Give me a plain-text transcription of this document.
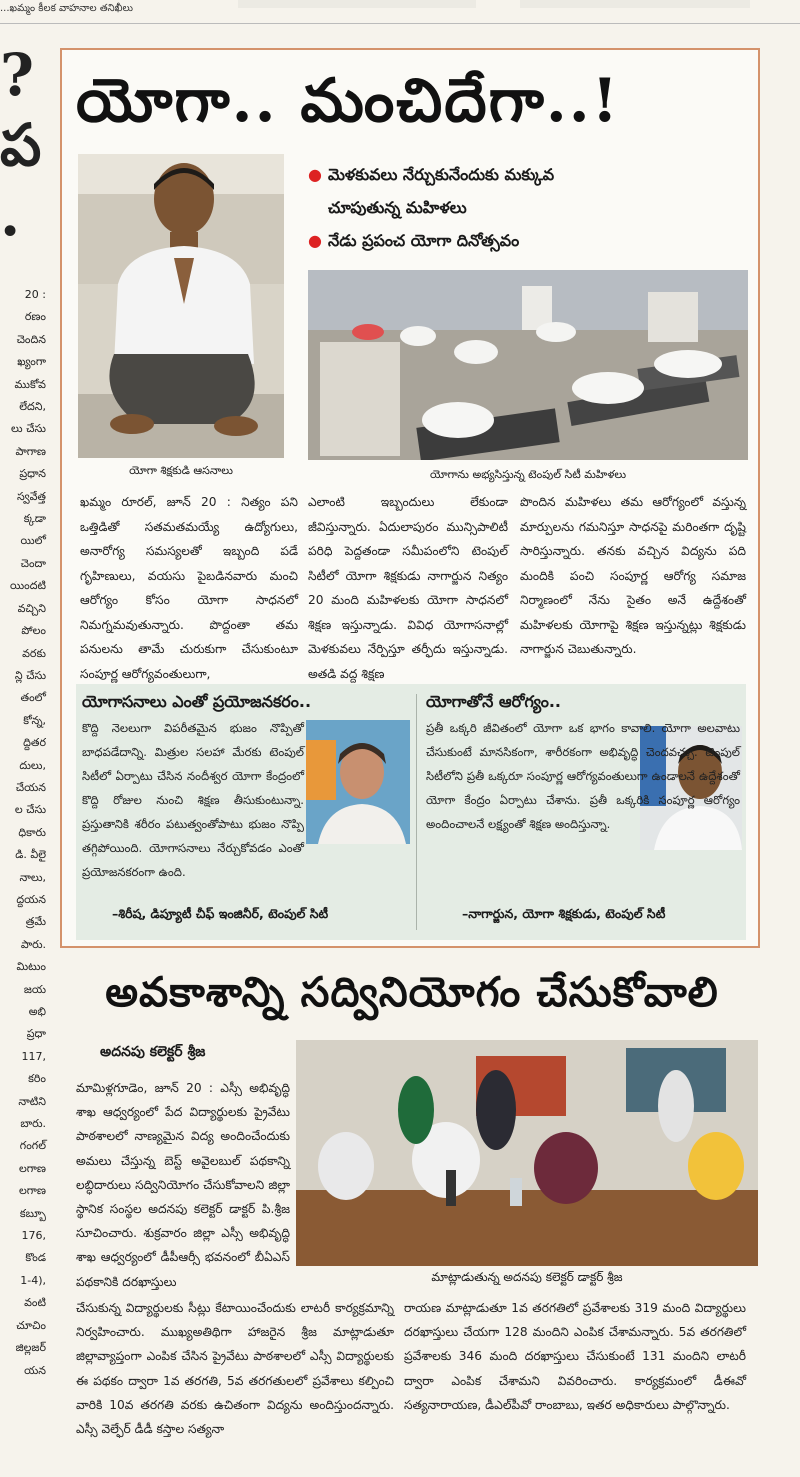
...ఖమ్మం కీలక వాహనాల తనిఖీలు
?
ప
.
20 :
రణం
చెందిన
ఖ్యంగా
ముకోవ
లేదని,
లు చేసు
పాగాణ
ప్రధాన
స్వవేత్త
క్కడా
యిలో
చెందా
యిందటి
వచ్చిని
పోలం
వరకు
న్లి చేసు
తంలో
కోన్న,
ద్దితర
దులు,
చేయన
ల చేసు
ధికారు
డి. వీలై
నాలు,
ద్దయన
త్రమే
పారు.
మిటుం
జయ
అభి
ప్రధా
117,
కరిం
నాటిని
బారు.
గంగల్
లగాణ
లగాణ
కబ్బూ
176,
కొండ
1-4),
వంటి
చూచిం
జిల్లజర్
యన
యోగా.. మంచిదేగా..!
యోగా శిక్షకుడి ఆసనాలు
● మెళకువలు నేర్చుకునేందుకు మక్కువ
చూపుతున్న మహిళలు
● నేడు ప్రపంచ యోగా దినోత్సవం
యోగాను అభ్యసిస్తున్న టెంపుల్ సిటీ మహిళలు

ఖమ్మం రూరల్, జూన్ 20 : నిత్యం పని ఒత్తిడితో సతమతమయ్యే ఉద్యోగులు, అనారోగ్య సమస్యలతో ఇబ్బంది పడే గృహిణులు, వయసు పైబడినవారు మంచి ఆరోగ్యం కోసం యోగా సాధనలో నిమగ్నమవుతున్నారు. పొద్దంతా తమ పనులను తామే చురుకుగా చేసుకుంటూ సంపూర్ణ ఆరోగ్యవంతులుగా,

ఎలాంటి ఇబ్బందులు లేకుండా జీవిస్తున్నారు. ఏదులాపురం మున్సిపాలిటీ పరిధి పెద్దతండా సమీపంలోని టెంపుల్ సిటీలో యోగా శిక్షకుడు నాగార్జున నిత్యం 20 మంది మహిళలకు యోగా సాధనలో శిక్షణ ఇస్తున్నాడు. వివిధ యోగాసనాల్లో మెళకువలు నేర్పిస్తూ తర్ఫీదు ఇస్తున్నాడు. అతడి వద్ద శిక్షణ

పొందిన మహిళలు తమ ఆరోగ్యంలో వస్తున్న మార్పులను గమనిస్తూ సాధనపై మరింతగా దృష్టి సారిస్తున్నారు. తనకు వచ్చిన విద్యను పది మందికి పంచి సంపూర్ణ ఆరోగ్య సమాజ నిర్మాణంలో నేను సైతం అనే ఉద్దేశంతో మహిళలకు యోగాపై శిక్షణ ఇస్తున్నట్లు శిక్షకుడు నాగార్జున చెబుతున్నారు.

యోగాసనాలు ఎంతో ప్రయోజనకరం..

కొద్ది నెలలుగా విపరీతమైన భుజం నొప్పితో బాధపడేదాన్ని. మిత్రుల సలహా మేరకు టెంపుల్ సిటీలో ఏర్పాటు చేసిన నందీశ్వర యోగా కేంద్రంలో కొద్ది రోజుల నుంచి శిక్షణ తీసుకుంటున్నా. ప్రస్తుతానికి శరీరం పటుత్వంతోపాటు భుజం నొప్పి తగ్గిపోయింది. యోగాసనాలు నేర్చుకోవడం ఎంతో ప్రయోజనకరంగా ఉంది.

–శిరీష, డిప్యూటీ చీఫ్ ఇంజినీర్, టెంపుల్ సిటీ
యోగాతోనే ఆరోగ్యం..

ప్రతీ ఒక్కరి జీవితంలో యోగా ఒక భాగం కావాలి. యోగా అలవాటు చేసుకుంటే మానసికంగా, శారీరకంగా అభివృద్ధి చెందవచ్చు. టెంపుల్ సిటీలోని ప్రతీ ఒక్కరూ సంపూర్ణ ఆరోగ్యవంతులుగా ఉండాలనే ఉద్దేశంతో యోగా కేంద్రం ఏర్పాటు చేశాను. ప్రతీ ఒక్కరికి సంపూర్ణ ఆరోగ్యం అందించాలనే లక్ష్యంతో శిక్షణ అందిస్తున్నా.

–నాగార్జున, యోగా శిక్షకుడు, టెంపుల్ సిటీ
అవకాశాన్ని సద్వినియోగం చేసుకోవాలి
అదనపు కలెక్టర్ శ్రీజ
మాట్లాడుతున్న అదనపు కలెక్టర్ డాక్టర్ శ్రీజ

మామిళ్లగూడెం, జూన్ 20 : ఎస్సీ అభివృద్ధి శాఖ ఆధ్వర్యంలో పేద విద్యార్థులకు ప్రైవేటు పాఠశాలలో నాణ్యమైన విద్య అందించేందుకు అమలు చేస్తున్న బెస్ట్ అవైలబుల్ పథకాన్ని లబ్ధిదారులు సద్వినియోగం చేసుకోవాలని జిల్లా స్థానిక సంస్థల అదనపు కలెక్టర్ డాక్టర్ పి.శ్రీజ సూచించారు. శుక్రవారం జిల్లా ఎస్సీ అభివృద్ధి శాఖ ఆధ్వర్యంలో డీపీఆర్సీ భవనంలో బీఏఎస్ పథకానికి దరఖాస్తులు

చేసుకున్న విద్యార్థులకు సీట్లు కేటాయించేందుకు లాటరీ కార్యక్రమాన్ని నిర్వహించారు. ముఖ్యఅతిథిగా హాజరైన శ్రీజ మాట్లాడుతూ జిల్లావ్యాప్తంగా ఎంపిక చేసిన ప్రైవేటు పాఠశాలలో ఎస్సీ విద్యార్థులకు ఈ పథకం ద్వారా 1వ తరగతి, 5వ తరగతులలో ప్రవేశాలు కల్పించి వారికి 10వ తరగతి వరకు ఉచితంగా విద్యను అందిస్తుందన్నారు. ఎస్సీ వెల్ఫేర్ డీడీ కస్తాల సత్యనా

రాయణ మాట్లాడుతూ 1వ తరగతిలో ప్రవేశాలకు 319 మంది విద్యార్థులు దరఖాస్తులు చేయగా 128 మందిని ఎంపిక చేశామన్నారు. 5వ తరగతిలో ప్రవేశాలకు 346 మంది దరఖాస్తులు చేసుకుంటే 131 మందిని లాటరీ ద్వారా ఎంపిక చేశామని వివరించారు. కార్యక్రమంలో డీఈవో సత్యనారాయణ, డీఎల్‌పీవో రాంబాబు, ఇతర అధికారులు పాల్గొన్నారు.
